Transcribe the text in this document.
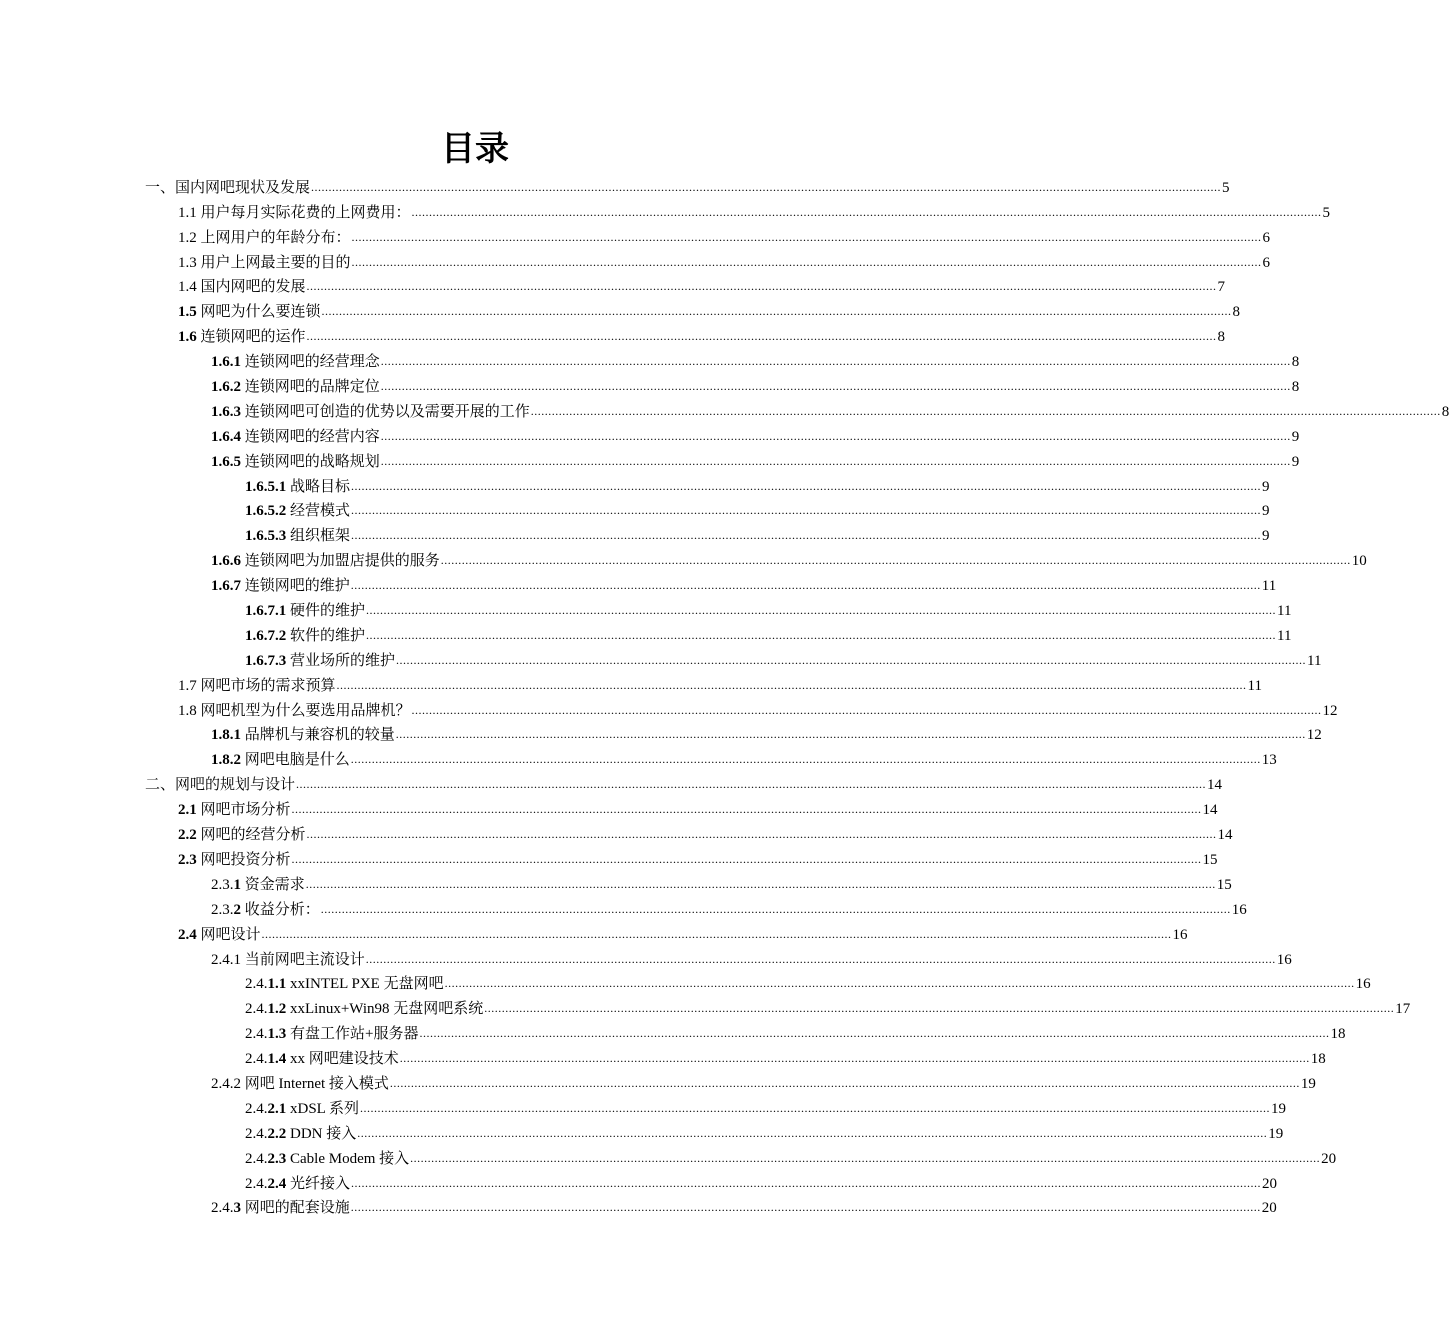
目录
一、国内网吧现状及发展 .................................................................................................................................................................................................................................................................... 5
1.1 用户每月实际花费的上网费用： .................................................................................................................................................................................................................................................................... 5
1.2 上网用户的年龄分布： .................................................................................................................................................................................................................................................................... 6
1.3 用户上网最主要的目的 .................................................................................................................................................................................................................................................................... 6
1.4 国内网吧的发展 .................................................................................................................................................................................................................................................................... 7
1.5 网吧为什么要连锁 .................................................................................................................................................................................................................................................................... 8
1.6 连锁网吧的运作 .................................................................................................................................................................................................................................................................... 8
1.6.1 连锁网吧的经营理念 .................................................................................................................................................................................................................................................................... 8
1.6.2 连锁网吧的品牌定位 .................................................................................................................................................................................................................................................................... 8
1.6.3 连锁网吧可创造的优势以及需要开展的工作 .................................................................................................................................................................................................................................................................... 8
1.6.4 连锁网吧的经营内容 .................................................................................................................................................................................................................................................................... 9
1.6.5 连锁网吧的战略规划 .................................................................................................................................................................................................................................................................... 9
1.6.5.1 战略目标 .................................................................................................................................................................................................................................................................... 9
1.6.5.2 经营模式 .................................................................................................................................................................................................................................................................... 9
1.6.5.3 组织框架 .................................................................................................................................................................................................................................................................... 9
1.6.6 连锁网吧为加盟店提供的服务 .................................................................................................................................................................................................................................................................... 10
1.6.7 连锁网吧的维护 .................................................................................................................................................................................................................................................................... 11
1.6.7.1 硬件的维护 .................................................................................................................................................................................................................................................................... 11
1.6.7.2 软件的维护 .................................................................................................................................................................................................................................................................... 11
1.6.7.3 营业场所的维护 .................................................................................................................................................................................................................................................................... 11
1.7 网吧市场的需求预算 .................................................................................................................................................................................................................................................................... 11
1.8 网吧机型为什么要选用品牌机？ .................................................................................................................................................................................................................................................................... 12
1.8.1 品牌机与兼容机的较量 .................................................................................................................................................................................................................................................................... 12
1.8.2 网吧电脑是什么 .................................................................................................................................................................................................................................................................... 13
二、网吧的规划与设计 .................................................................................................................................................................................................................................................................... 14
2.1 网吧市场分析 .................................................................................................................................................................................................................................................................... 14
2.2 网吧的经营分析 .................................................................................................................................................................................................................................................................... 14
2.3 网吧投资分析 .................................................................................................................................................................................................................................................................... 15
2.3.1 资金需求 .................................................................................................................................................................................................................................................................... 15
2.3.2 收益分析： .................................................................................................................................................................................................................................................................... 16
2.4 网吧设计 .................................................................................................................................................................................................................................................................... 16
2.4.1 当前网吧主流设计 .................................................................................................................................................................................................................................................................... 16
2.4.1.1 xxINTEL PXE 无盘网吧 .................................................................................................................................................................................................................................................................... 16
2.4.1.2 xxLinux+Win98 无盘网吧系统 .................................................................................................................................................................................................................................................................... 17
2.4.1.3 有盘工作站+服务器 .................................................................................................................................................................................................................................................................... 18
2.4.1.4 xx 网吧建设技术 .................................................................................................................................................................................................................................................................... 18
2.4.2 网吧 Internet 接入模式 .................................................................................................................................................................................................................................................................... 19
2.4.2.1 xDSL 系列 .................................................................................................................................................................................................................................................................... 19
2.4.2.2 DDN 接入 .................................................................................................................................................................................................................................................................... 19
2.4.2.3 Cable Modem 接入 .................................................................................................................................................................................................................................................................... 20
2.4.2.4 光纤接入 .................................................................................................................................................................................................................................................................... 20
2.4.3 网吧的配套设施 .................................................................................................................................................................................................................................................................... 20
